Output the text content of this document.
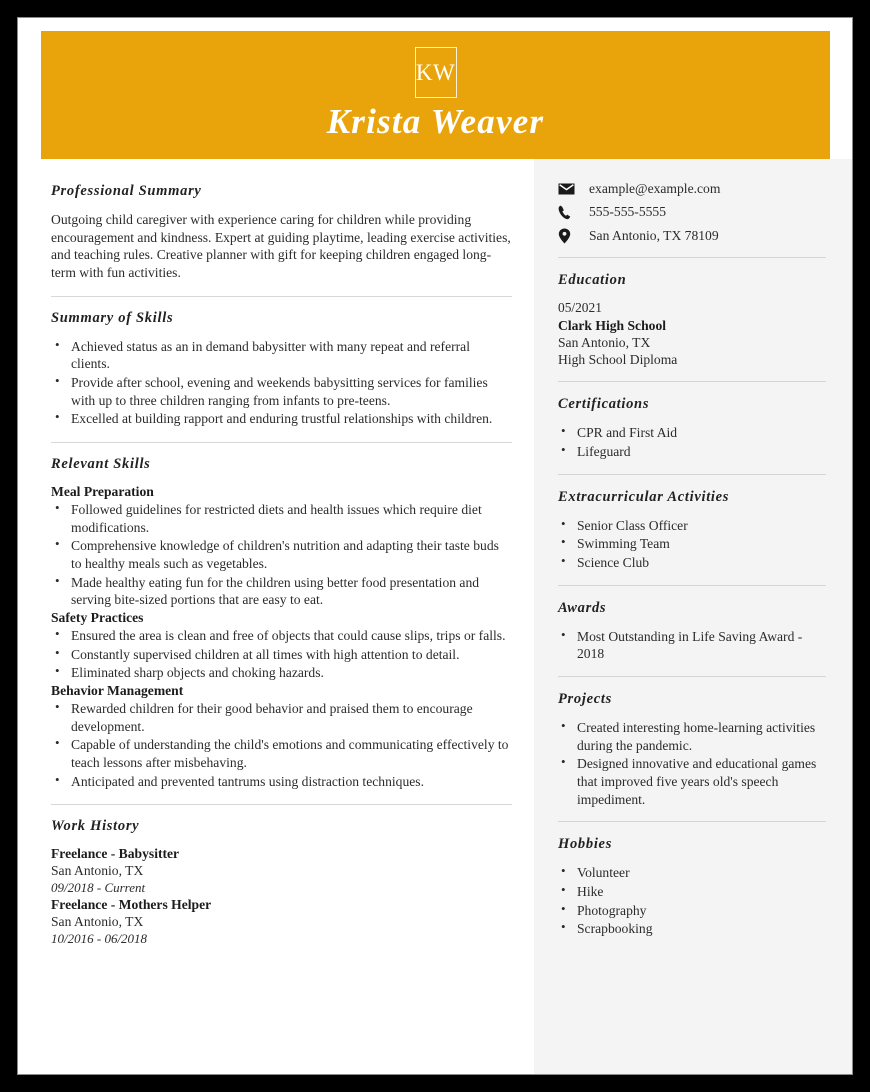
KW
Krista Weaver
Professional Summary

Outgoing child caregiver with experience caring for children while providing encouragement and kindness. Expert at guiding playtime, leading exercise activities, and teaching rules. Creative planner with gift for keeping children engaged long-term with fun activities.

Summary of Skills
• Achieved status as an in demand babysitter with many repeat and referral clients.
• Provide after school, evening and weekends babysitting services for families with up to three children ranging from infants to pre-teens.
• Excelled at building rapport and enduring trustful relationships with children.
Relevant Skills
Meal Preparation
• Followed guidelines for restricted diets and health issues which require diet modifications.
• Comprehensive knowledge of children's nutrition and adapting their taste buds to healthy meals such as vegetables.
• Made healthy eating fun for the children using better food presentation and serving bite-sized portions that are easy to eat.
Safety Practices
• Ensured the area is clean and free of objects that could cause slips, trips or falls.
• Constantly supervised children at all times with high attention to detail.
• Eliminated sharp objects and choking hazards.
Behavior Management
• Rewarded children for their good behavior and praised them to encourage development.
• Capable of understanding the child's emotions and communicating effectively to teach lessons after misbehaving.
• Anticipated and prevented tantrums using distraction techniques.
Work History

Freelance - Babysitter

San Antonio, TX

09/2018 - Current

Freelance - Mothers Helper

San Antonio, TX

10/2016 - 06/2018

example@example.com
555-555-5555
San Antonio, TX 78109
Education

05/2021

Clark High School

San Antonio, TX

High School Diploma

Certifications
• CPR and First Aid
• Lifeguard
Extracurricular Activities
• Senior Class Officer
• Swimming Team
• Science Club
Awards
• Most Outstanding in Life Saving Award - 2018
Projects
• Created interesting home-learning activities during the pandemic.
• Designed innovative and educational games that improved five years old's speech impediment.
Hobbies
• Volunteer
• Hike
• Photography
• Scrapbooking
